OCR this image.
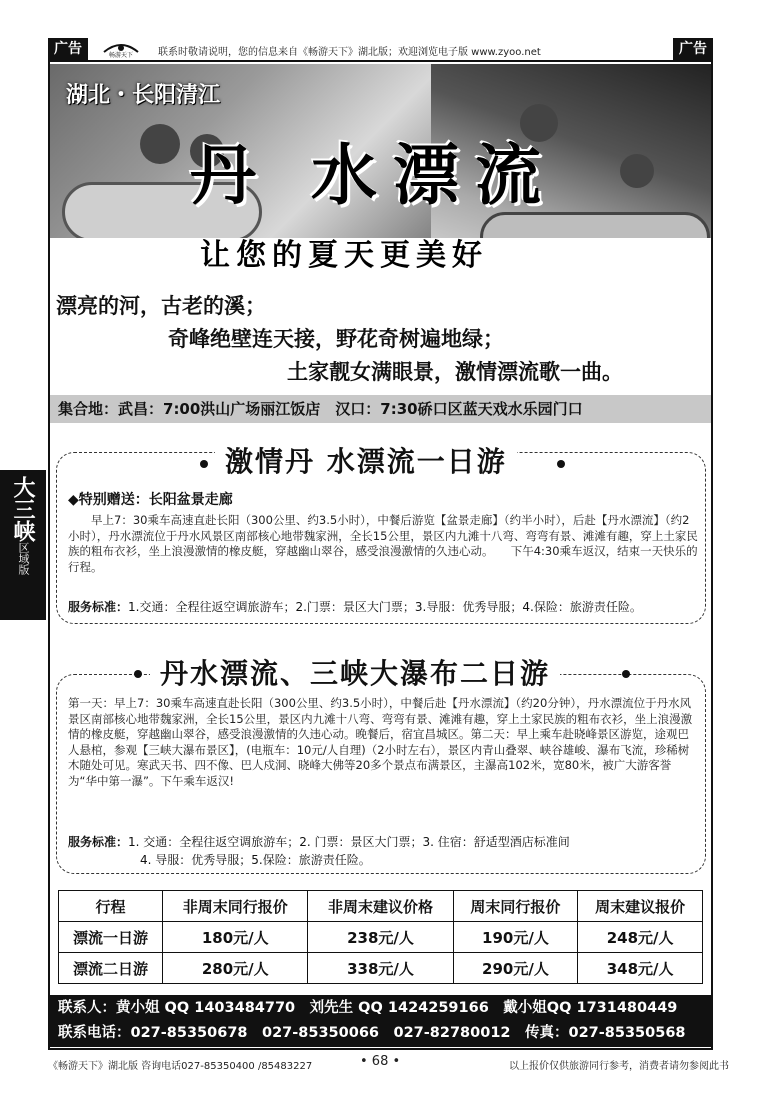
广告	畅游天下 联系时敬请说明，您的信息来自《畅游天下》湖北版；欢迎浏览电子版 www.zyoo.net	广告
湖北・长阳清江
丹 水漂流
让您的夏天更美好
漂亮的河，古老的溪；
奇峰绝壁连天接，野花奇树遍地绿；
土家靓女满眼景，激情漂流歌一曲。
集合地：武昌：7:00洪山广场丽江饭店　汉口：7:30硚口区蓝天戏水乐园门口
大三峡
区域版
激情丹 水漂流一日游
◆特别赠送：长阳盆景走廊
　　早上7：30乘车高速直赴长阳（300公里、约3.5小时），中餐后游览【盆景走廊】（约半小时），后赴【丹水漂流】（约2小时），丹水漂流位于丹水风景区南部核心地带魏家洲，全长15公里，景区内九滩十八弯、弯弯有景、滩滩有趣，穿上土家民族的粗布衣衫，坐上浪漫激情的橡皮艇，穿越幽山翠谷，感受浪漫激情的久违心动。　　下午4:30乘车返汉，结束一天快乐的行程。
服务标准：1.交通：全程往返空调旅游车；2.门票：景区大门票；3.导服：优秀导服；4.保险：旅游责任险。
丹水漂流、三峡大瀑布二日游
第一天：早上7：30乘车高速直赴长阳（300公里、约3.5小时），中餐后赴【丹水漂流】（约20分钟），丹水漂流位于丹水风景区南部核心地带魏家洲，全长15公里，景区内九滩十八弯、弯弯有景、滩滩有趣，穿上土家民族的粗布衣衫，坐上浪漫激情的橡皮艇，穿越幽山翠谷，感受浪漫激情的久违心动。晚餐后，宿宜昌城区。第二天：早上乘车赴晓峰景区游览，途观巴人悬棺，参观【三峡大瀑布景区】，(电瓶车：10元/人自理)（2小时左右），景区内青山叠翠、峡谷雄峻、瀑布飞流，珍稀树木随处可见。寒武天书、四不像、巴人戍洞、晓峰大佛等20多个景点布满景区，主瀑高102米，宽80米，被广大游客誉为“华中第一瀑”。下午乘车返汉!
服务标准：1. 交通：全程往返空调旅游车；2. 门票：景区大门票；3. 住宿：舒适型酒店标准间
4. 导服：优秀导服；5.保险：旅游责任险。
行程	非周末同行报价	非周末建议价格	周末同行报价	周末建议报价
漂流一日游	180元/人	238元/人	190元/人	248元/人
漂流二日游	280元/人	338元/人	290元/人	348元/人
联系人：黄小姐 QQ 1403484770　刘先生 QQ 1424259166　戴小姐QQ 1731480449
联系电话：027-85350678　027-85350066　027-82780012　传真：027-85350568
《畅游天下》湖北版 咨询电话027-85350400 /85483227	• 68 •	以上报价仅供旅游同行参考，消费者请勿参阅此书
